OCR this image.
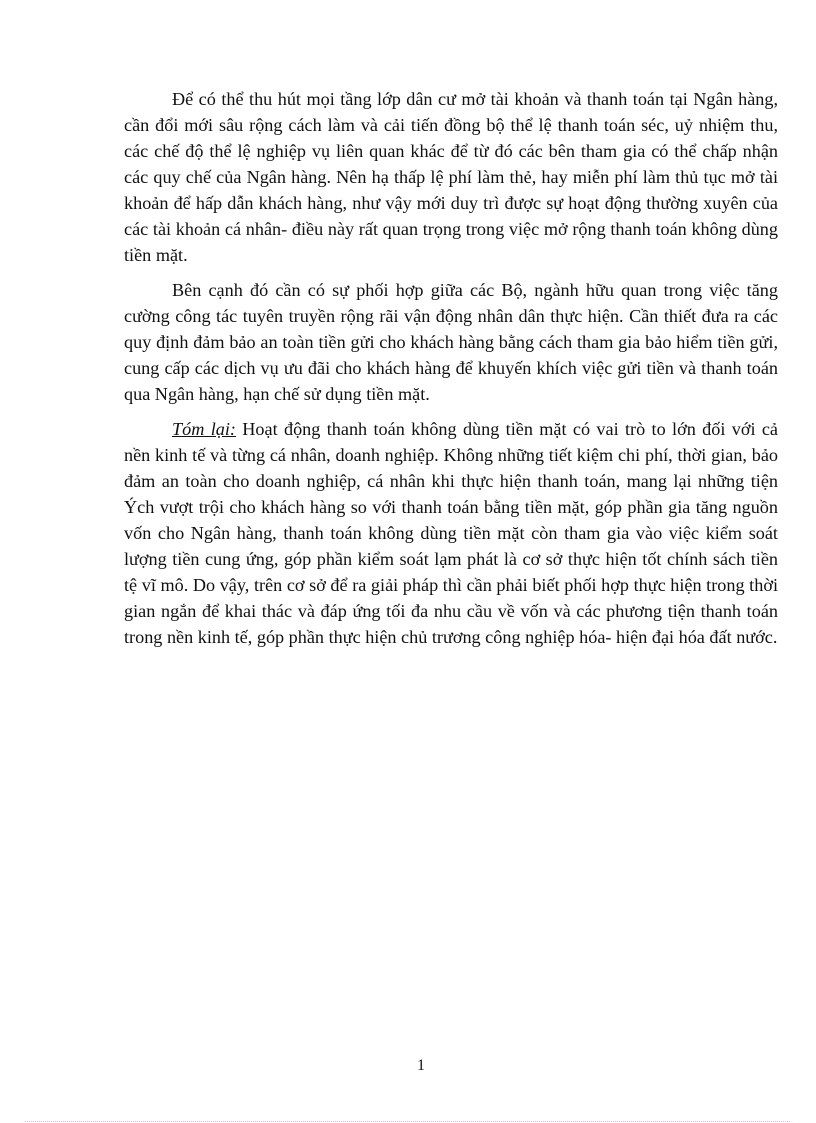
Để có thể thu hút mọi tầng lớp dân cư mở tài khoản và thanh toán tại Ngân hàng, cần đổi mới sâu rộng cách làm và cải tiến đồng bộ thể lệ thanh toán séc, uỷ nhiệm thu, các chế độ thể lệ nghiệp vụ liên quan khác để từ đó các bên tham gia có thể chấp nhận các quy chế của Ngân hàng. Nên hạ thấp lệ phí làm thẻ, hay miễn phí làm thủ tục mở tài khoản để hấp dẫn khách hàng, như vậy mới duy trì được sự hoạt động thường xuyên của các tài khoản cá nhân- điều này rất quan trọng trong việc mở rộng thanh toán không dùng tiền mặt.

Bên cạnh đó cần có sự phối hợp giữa các Bộ, ngành hữu quan trong việc tăng cường công tác tuyên truyền rộng rãi vận động nhân dân thực hiện. Cần thiết đưa ra các quy định đảm bảo an toàn tiền gửi cho khách hàng bằng cách tham gia bảo hiểm tiền gửi, cung cấp các dịch vụ ưu đãi cho khách hàng để khuyến khích việc gửi tiền và thanh toán qua Ngân hàng, hạn chế sử dụng tiền mặt.

Tóm lại: Hoạt động thanh toán không dùng tiền mặt có vai trò to lớn đối với cả nền kinh tế và từng cá nhân, doanh nghiệp. Không những tiết kiệm chi phí, thời gian, bảo đảm an toàn cho doanh nghiệp, cá nhân khi thực hiện thanh toán, mang lại những tiện Ých vượt trội cho khách hàng so với thanh toán bằng tiền mặt, góp phần gia tăng nguồn vốn cho Ngân hàng, thanh toán không dùng tiền mặt còn tham gia vào việc kiểm soát lượng tiền cung ứng, góp phần kiểm soát lạm phát là cơ sở thực hiện tốt chính sách tiền tệ vĩ mô. Do vậy, trên cơ sở để ra giải pháp thì cần phải biết phối hợp thực hiện trong thời gian ngắn để khai thác và đáp ứng tối đa nhu cầu về vốn và các phương tiện thanh toán trong nền kinh tế, góp phần thực hiện chủ trương công nghiệp hóa- hiện đại hóa đất nước.

1
